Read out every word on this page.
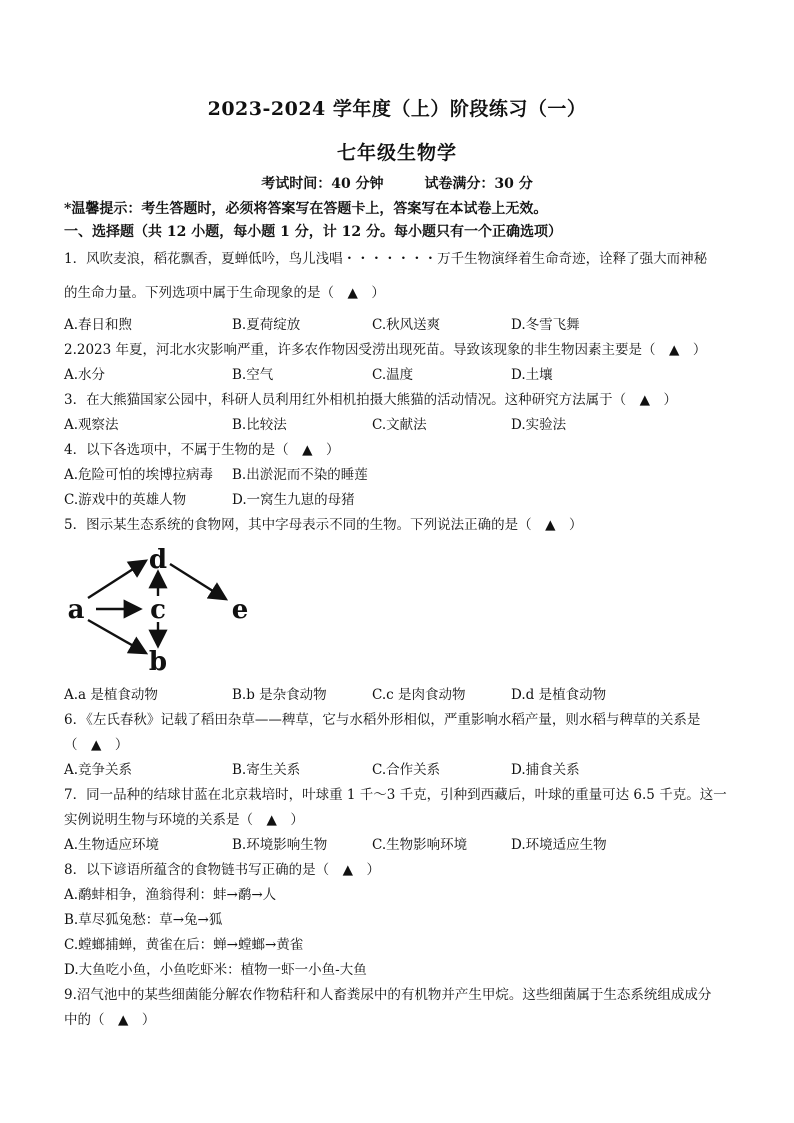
2023-2024 学年度（上）阶段练习（一）
七年级生物学
考试时间：40 分钟	试卷满分：30 分
*温馨提示：考生答题时，必须将答案写在答题卡上，答案写在本试卷上无效。
一、选择题（共 12 小题，每小题 1 分，计 12 分。每小题只有一个正确选项）
1．风吹麦浪，稻花飘香，夏蝉低吟，鸟儿浅唱・・・・・・・万千生物演绎着生命奇迹，诠释了强大而神秘
的生命力量。下列选项中属于生命现象的是（　▲　）
A.春日和煦	B.夏荷绽放	C.秋风送爽	D.冬雪飞舞
2.2023 年夏，河北水灾影响严重，许多农作物因受涝出现死苗。导致该现象的非生物因素主要是（　▲　）
A.水分	B.空气	C.温度	D.土壤
3．在大熊猫国家公园中，科研人员利用红外相机拍摄大熊猫的活动情况。这种研究方法属于（　▲　）
A.观察法	B.比较法	C.文献法	D.实验法
4．以下各选项中，不属于生物的是（　▲　）
A.危险可怕的埃博拉病毒 B.出淤泥而不染的睡莲
C.游戏中的英雄人物	D.一窝生九崽的母猪
5．图示某生态系统的食物网，其中字母表示不同的生物。下列说法正确的是（　▲　）
a
b
c
d
e
A.a 是植食动物	B.b 是杂食动物	C.c 是肉食动物	D.d 是植食动物
6．《左氏春秋》记载了稻田杂草——稗草，它与水稻外形相似，严重影响水稻产量，则水稻与稗草的关系是
（　▲　）
A.竞争关系	B.寄生关系	C.合作关系	D.捕食关系
7．同一品种的结球甘蓝在北京栽培时，叶球重 1 千～3 千克，引种到西藏后，叶球的重量可达 6.5 千克。这一
实例说明生物与环境的关系是（　▲　）
A.生物适应环境	B.环境影响生物	C.生物影响环境	D.环境适应生物
8．以下谚语所蕴含的食物链书写正确的是（　▲　）
A.鹬蚌相争，渔翁得利：蚌→鹬→人
B.草尽狐兔愁：草→兔→狐
C.螳螂捕蝉，黄雀在后：蝉→螳螂→黄雀
D.大鱼吃小鱼，小鱼吃虾米：植物一虾一小鱼-大鱼
9.沼气池中的某些细菌能分解农作物秸秆和人畜粪尿中的有机物并产生甲烷。这些细菌属于生态系统组成成分
中的（　▲　）
